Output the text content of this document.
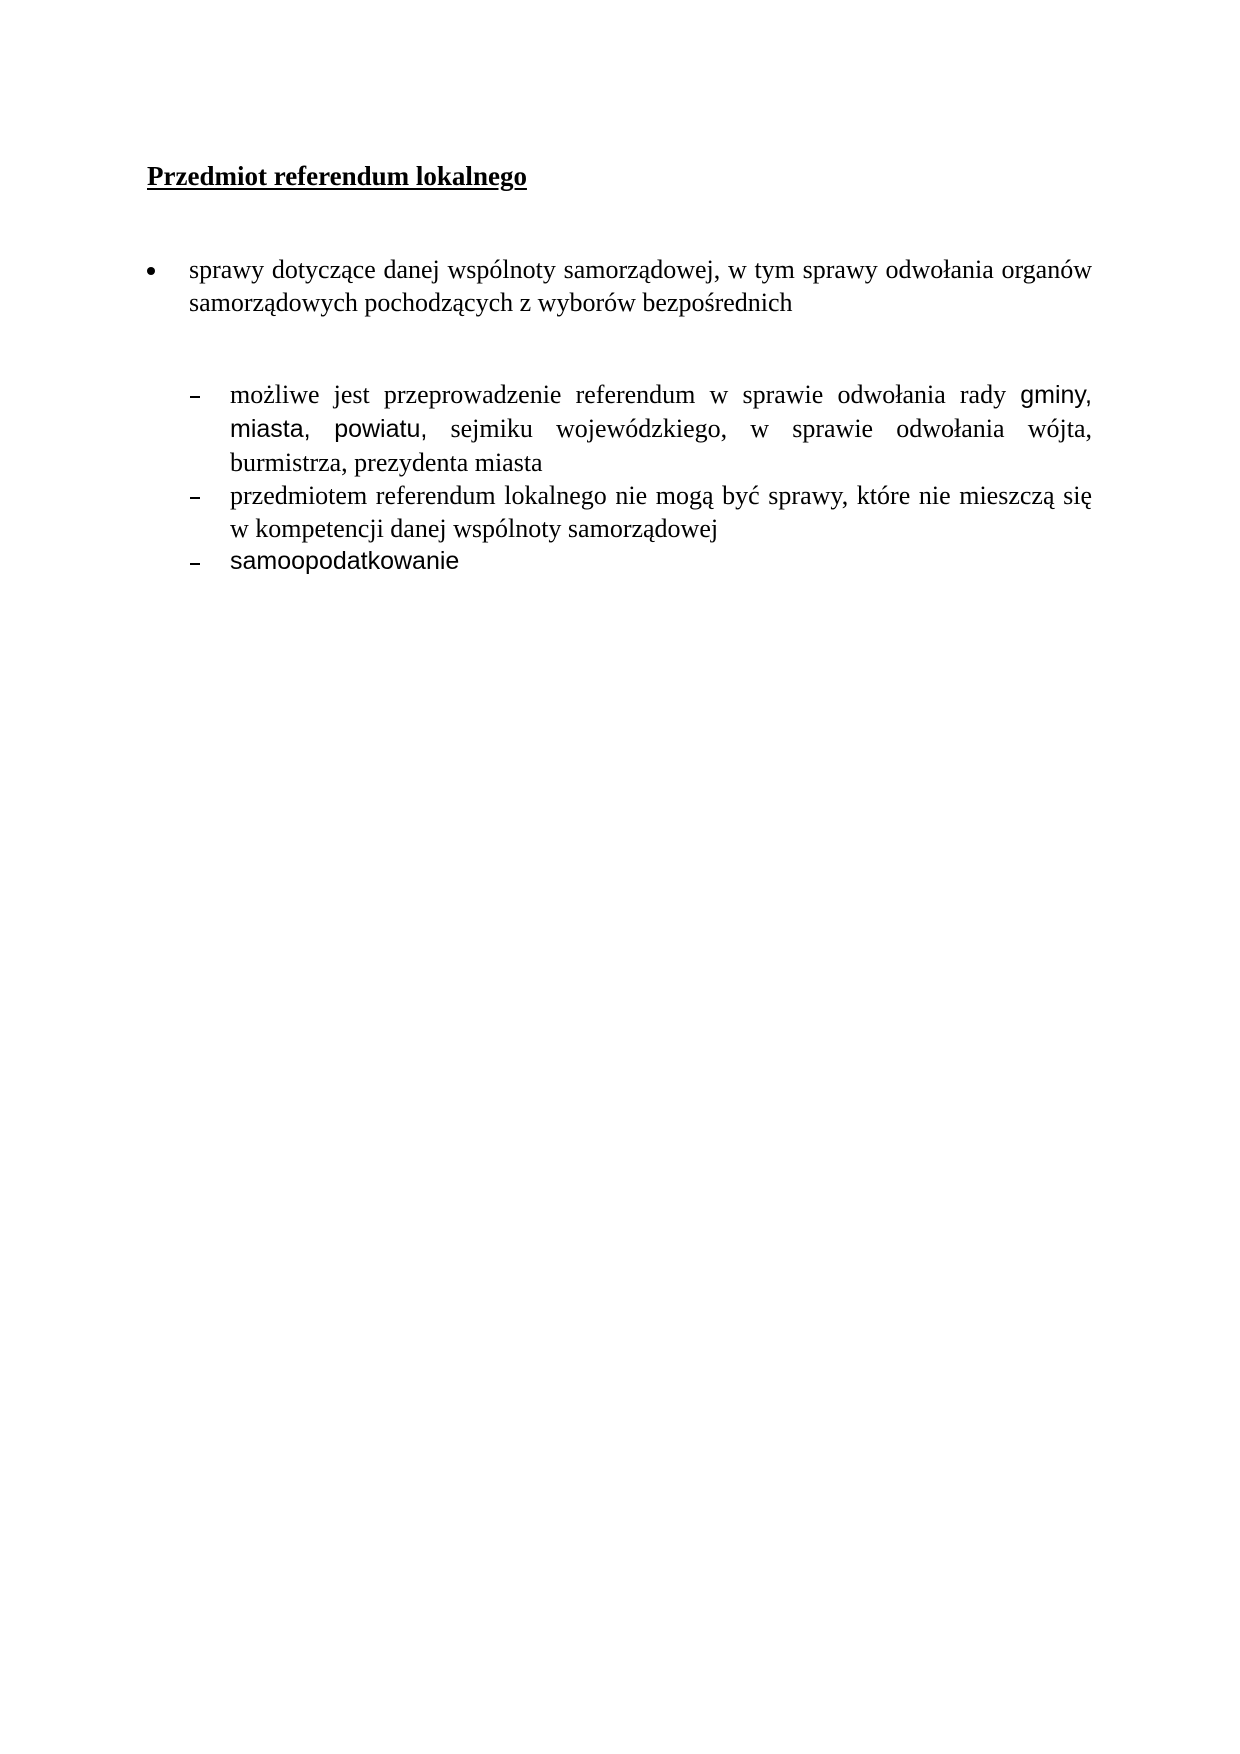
Przedmiot referendum lokalnego
sprawy dotyczące danej wspólnoty samorządowej, w tym sprawy odwołania organów samorządowych pochodzących z wyborów bezpośrednich
możliwe jest przeprowadzenie referendum w sprawie odwołania rady gminy, miasta, powiatu, sejmiku wojewódzkiego, w sprawie odwołania wójta, burmistrza, prezydenta miasta
przedmiotem referendum lokalnego nie mogą być sprawy, które nie mieszczą się w kompetencji danej wspólnoty samorządowej
samoopodatkowanie
